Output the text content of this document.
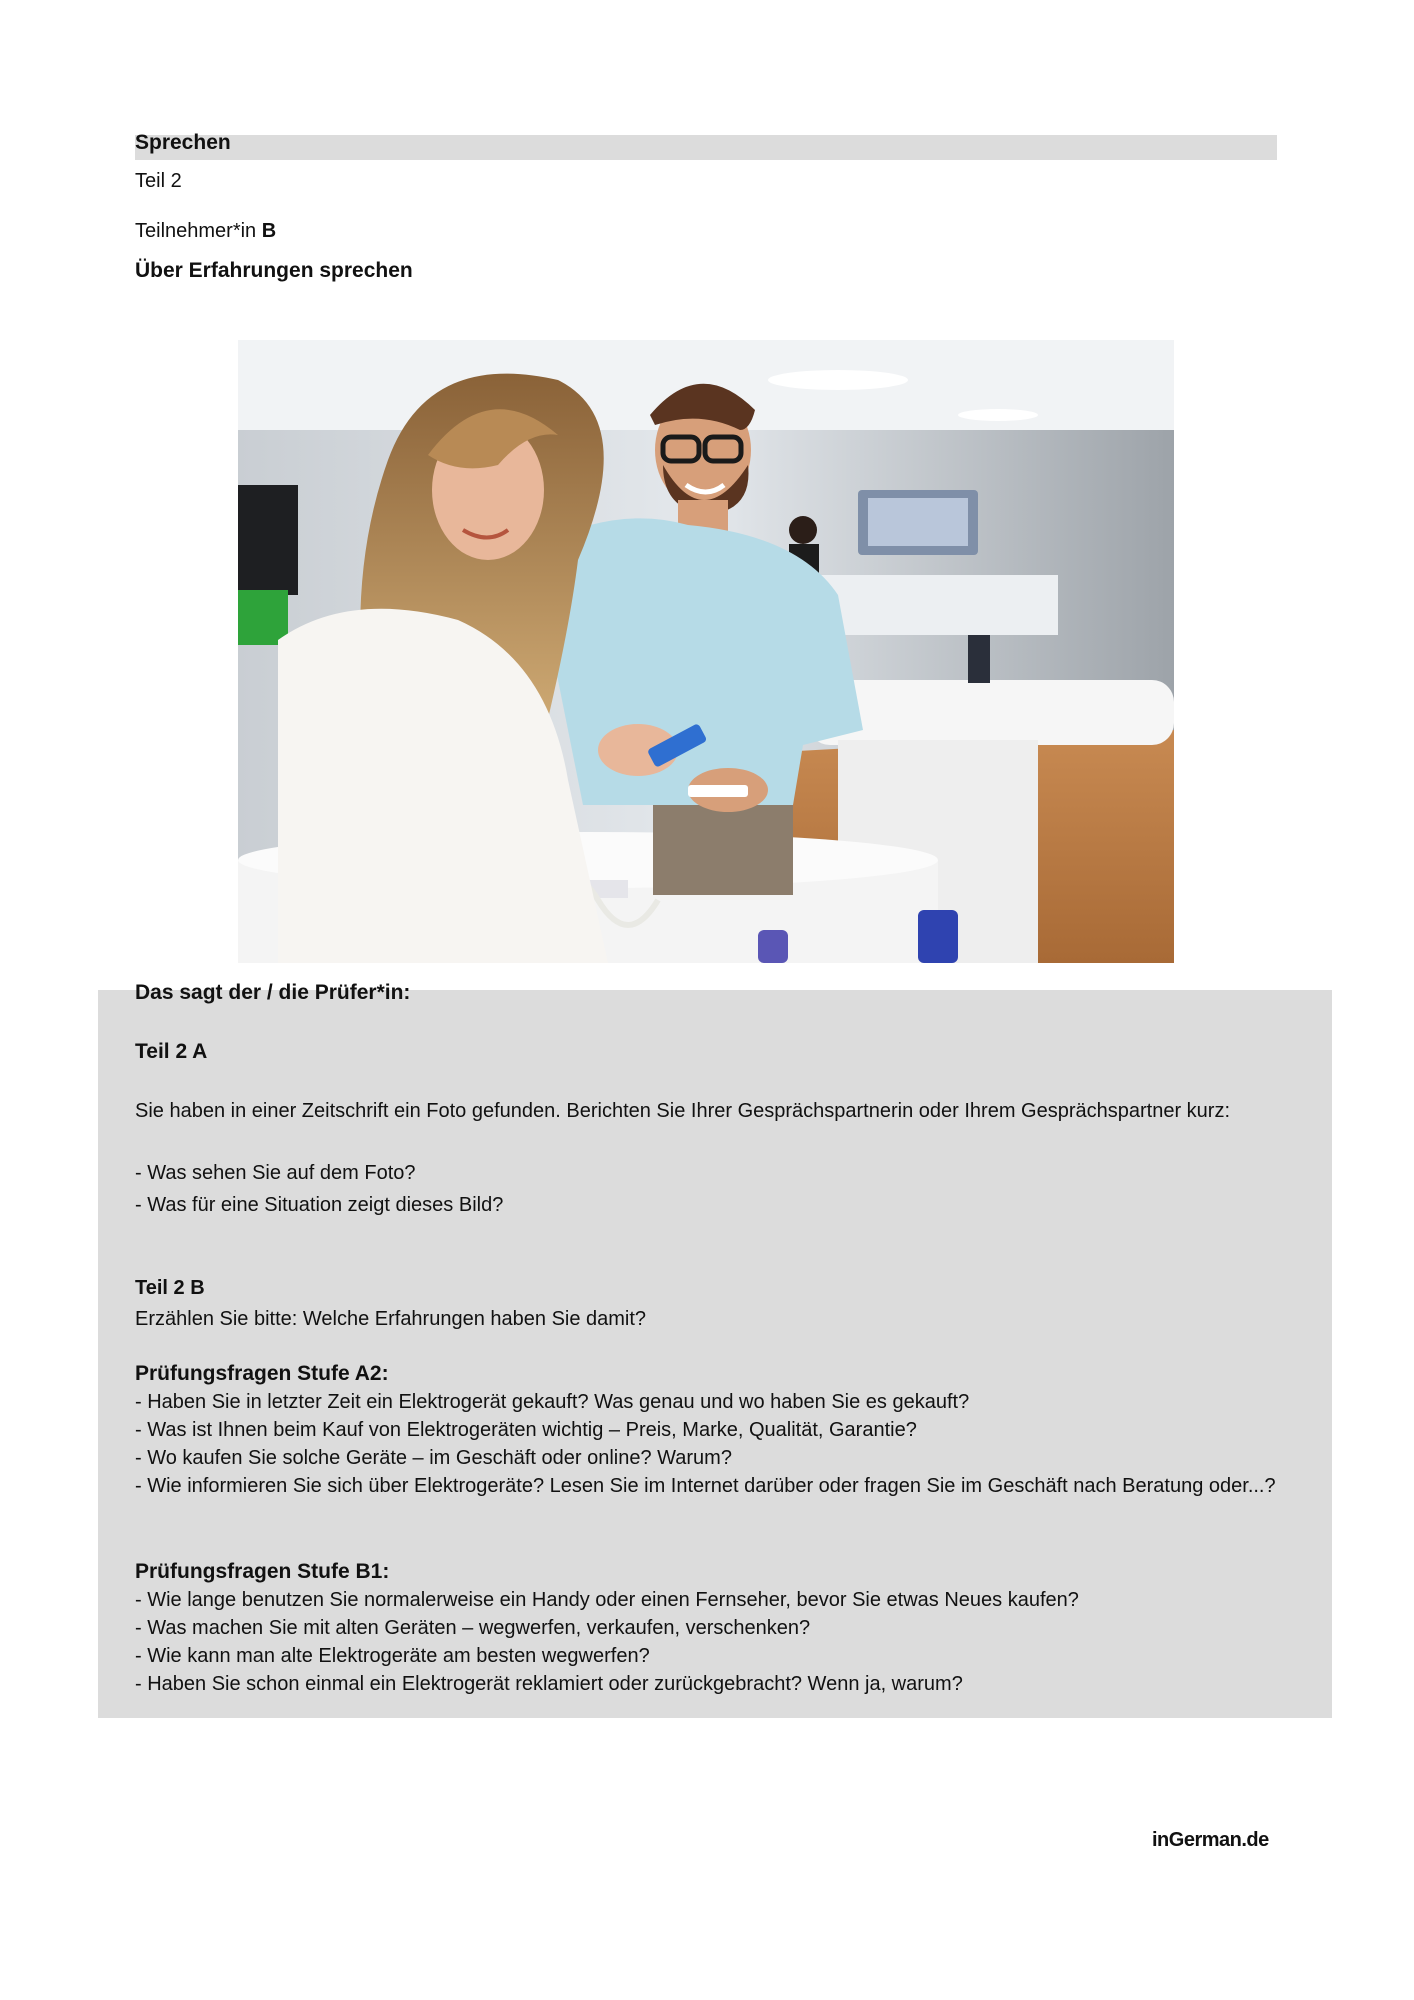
Sprechen
Teil 2
Teilnehmer*in B
Über Erfahrungen sprechen
Das sagt der / die Prüfer*in:
Teil 2 A
Sie haben in einer Zeitschrift ein Foto gefunden. Berichten Sie Ihrer Gesprächspartnerin oder Ihrem Gesprächspartner kurz:
- Was sehen Sie auf dem Foto?
- Was für eine Situation zeigt dieses Bild?
Teil 2 B
Erzählen Sie bitte: Welche Erfahrungen haben Sie damit?
Prüfungsfragen Stufe A2:
- Haben Sie in letzter Zeit ein Elektrogerät gekauft? Was genau und wo haben Sie es gekauft?
- Was ist Ihnen beim Kauf von Elektrogeräten wichtig – Preis, Marke, Qualität, Garantie?
- Wo kaufen Sie solche Geräte – im Geschäft oder online? Warum?
- Wie informieren Sie sich über Elektrogeräte? Lesen Sie im Internet darüber oder fragen Sie im Geschäft nach Beratung oder...?
Prüfungsfragen Stufe B1:
- Wie lange benutzen Sie normalerweise ein Handy oder einen Fernseher, bevor Sie etwas Neues kaufen?
- Was machen Sie mit alten Geräten – wegwerfen, verkaufen, verschenken?
- Wie kann man alte Elektrogeräte am besten wegwerfen?
- Haben Sie schon einmal ein Elektrogerät reklamiert oder zurückgebracht? Wenn ja, warum?
inGerman.de
